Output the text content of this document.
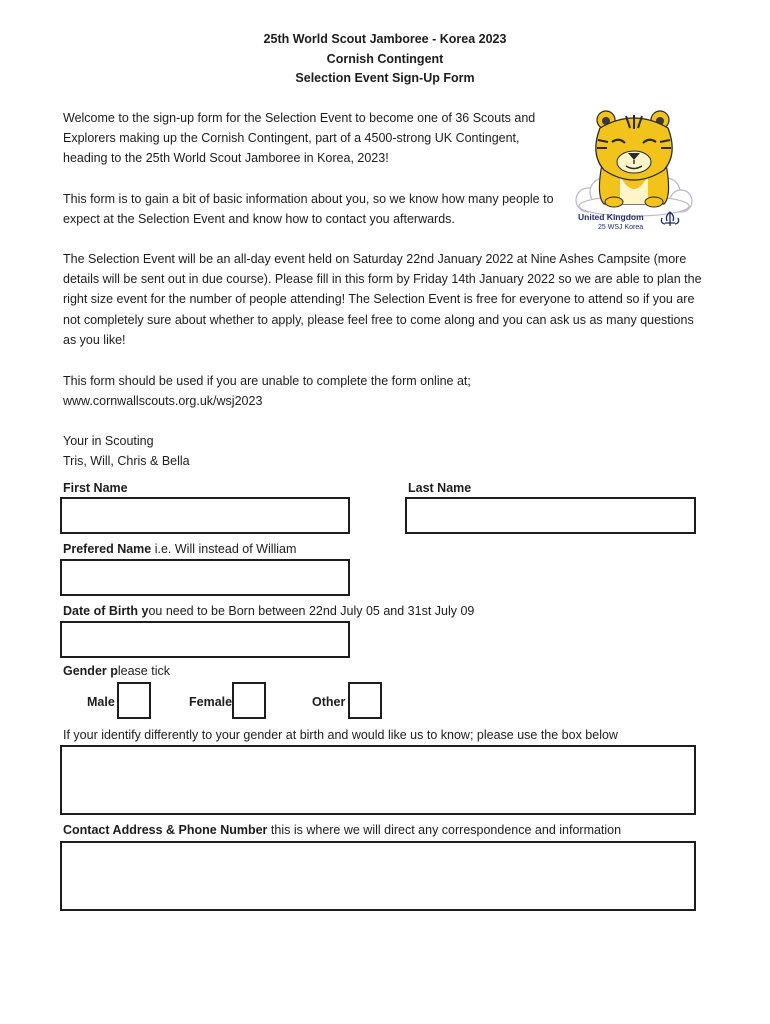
25th World Scout Jamboree - Korea 2023
Cornish Contingent
Selection Event Sign-Up Form
United Kingdom
25 WSJ Korea

Welcome to the sign-up form for the Selection Event to become one of 36 Scouts and Explorers making up the Cornish Contingent, part of a 4500-strong UK Contingent, heading to the 25th World Scout Jamboree in Korea, 2023!

This form is to gain a bit of basic information about you, so we know how many people to expect at the Selection Event and know how to contact you afterwards.

The Selection Event will be an all-day event held on Saturday 22nd January 2022 at Nine Ashes Campsite (more details will be sent out in due course). Please fill in this form by Friday 14th January 2022 so we are able to plan the right size event for the number of people attending! The Selection Event is free for everyone to attend so if you are not completely sure about whether to apply, please feel free to come along and you can ask us as many questions as you like!

This form should be used if you are unable to complete the form online at;

www.cornwallscouts.org.uk/wsj2023

Your in Scouting

Tris, Will, Chris & Bella

First Name	Last Name
Prefered Name i.e. Will instead of William
Date of Birth you need to be Born between 22nd July 05 and 31st July 09
Gender please tick
Male	Female	Other
If your identify differently to your gender at birth and would like us to know; please use the box below
Contact Address & Phone Number this is where we will direct any correspondence and information
